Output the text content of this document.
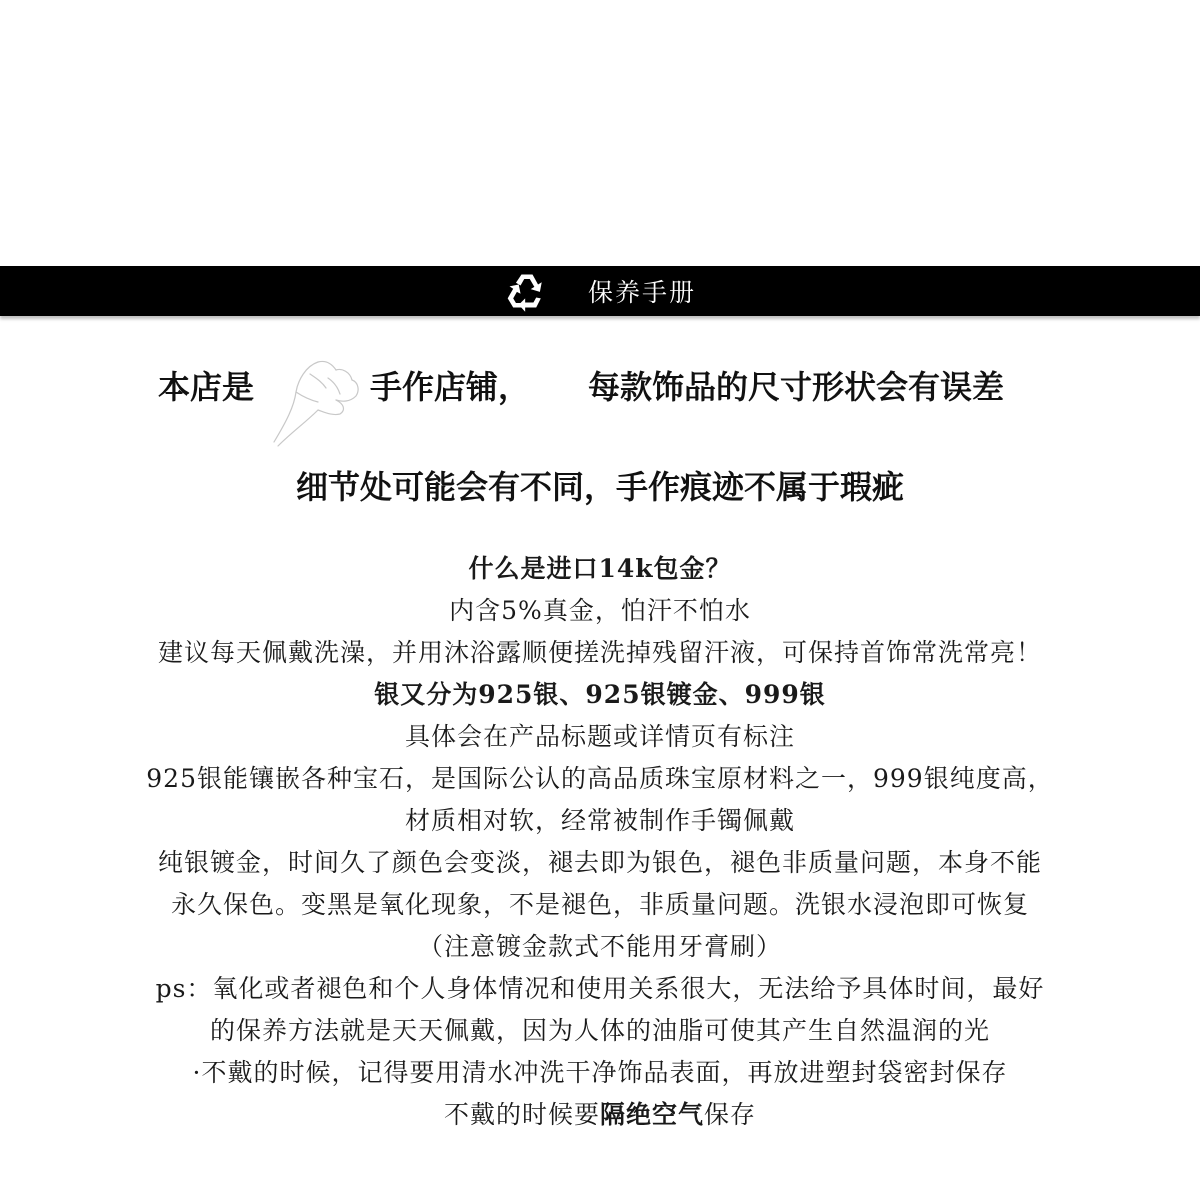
保养手册
本店是	手作店铺， 每款饰品的尺寸形状会有误差
细节处可能会有不同，手作痕迹不属于瑕疵
什么是进口14k包金？
内含5%真金，怕汗不怕水
建议每天佩戴洗澡，并用沐浴露顺便搓洗掉残留汗液，可保持首饰常洗常亮！
银又分为925银、925银镀金、999银
具体会在产品标题或详情页有标注
925银能镶嵌各种宝石，是国际公认的高品质珠宝原材料之一，999银纯度高，
材质相对软，经常被制作手镯佩戴
纯银镀金，时间久了颜色会变淡，褪去即为银色，褪色非质量问题，本身不能
永久保色。变黑是氧化现象，不是褪色，非质量问题。洗银水浸泡即可恢复
（注意镀金款式不能用牙膏刷）
ps：氧化或者褪色和个人身体情况和使用关系很大，无法给予具体时间，最好
的保养方法就是天天佩戴，因为人体的油脂可使其产生自然温润的光
·不戴的时候，记得要用清水冲洗干净饰品表面，再放进塑封袋密封保存
不戴的时候要隔绝空气保存
